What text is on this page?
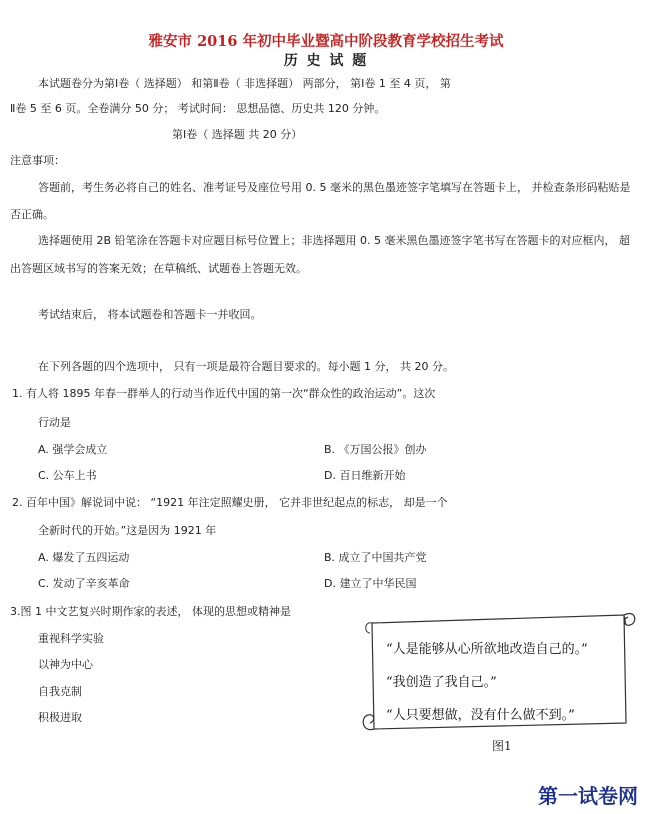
雅安市 2016 年初中毕业暨高中阶段教育学校招生考试
历 史 试 题
本试题卷分为第Ⅰ卷（ 选择题） 和第Ⅱ卷（ 非选择题） 两部分， 第Ⅰ卷 1 至 4 页， 第
Ⅱ卷 5 至 6 页。全卷满分 50 分； 考试时间： 思想品德、历史共 120 分钟。
第Ⅰ卷（ 选择题 共 20 分）
注意事项：
答题前，考生务必将自己的姓名、准考证号及座位号用 0. 5 毫米的黑色墨迹签字笔填写在答题卡上， 并检查条形码粘贴是
否正确。
选择题使用 2B 铅笔涂在答题卡对应题目标号位置上；非选择题用 0. 5 毫米黑色墨迹签字笔书写在答题卡的对应框内， 超
出答题区域书写的答案无效；在草稿纸、试题卷上答题无效。
考试结束后， 将本试题卷和答题卡一并收回。
在下列各题的四个选项中， 只有一项是最符合题目要求的。每小题 1 分， 共 20 分。
1. 有人将 1895 年春一群举人的行动当作近代中国的第一次“群众性的政治运动”。这次
行动是
A. 强学会成立	B. 《万国公报》创办
C. 公车上书	D. 百日维新开始
2. 百年中国》解说词中说： “1921 年注定照耀史册， 它并非世纪起点的标志， 却是一个
全新时代的开始。”这是因为 1921 年
A. 爆发了五四运动	B. 成立了中国共产党
C. 发动了辛亥革命	D. 建立了中华民国
3.图 1 中文艺复兴时期作家的表述， 体现的思想或精神是
重视科学实验
以神为中心
自我克制
积极进取
“人是能够从心所欲地改造自己的。”
“我创造了我自己。”
“人只要想做，没有什么做不到。”
图1
第一试卷网
